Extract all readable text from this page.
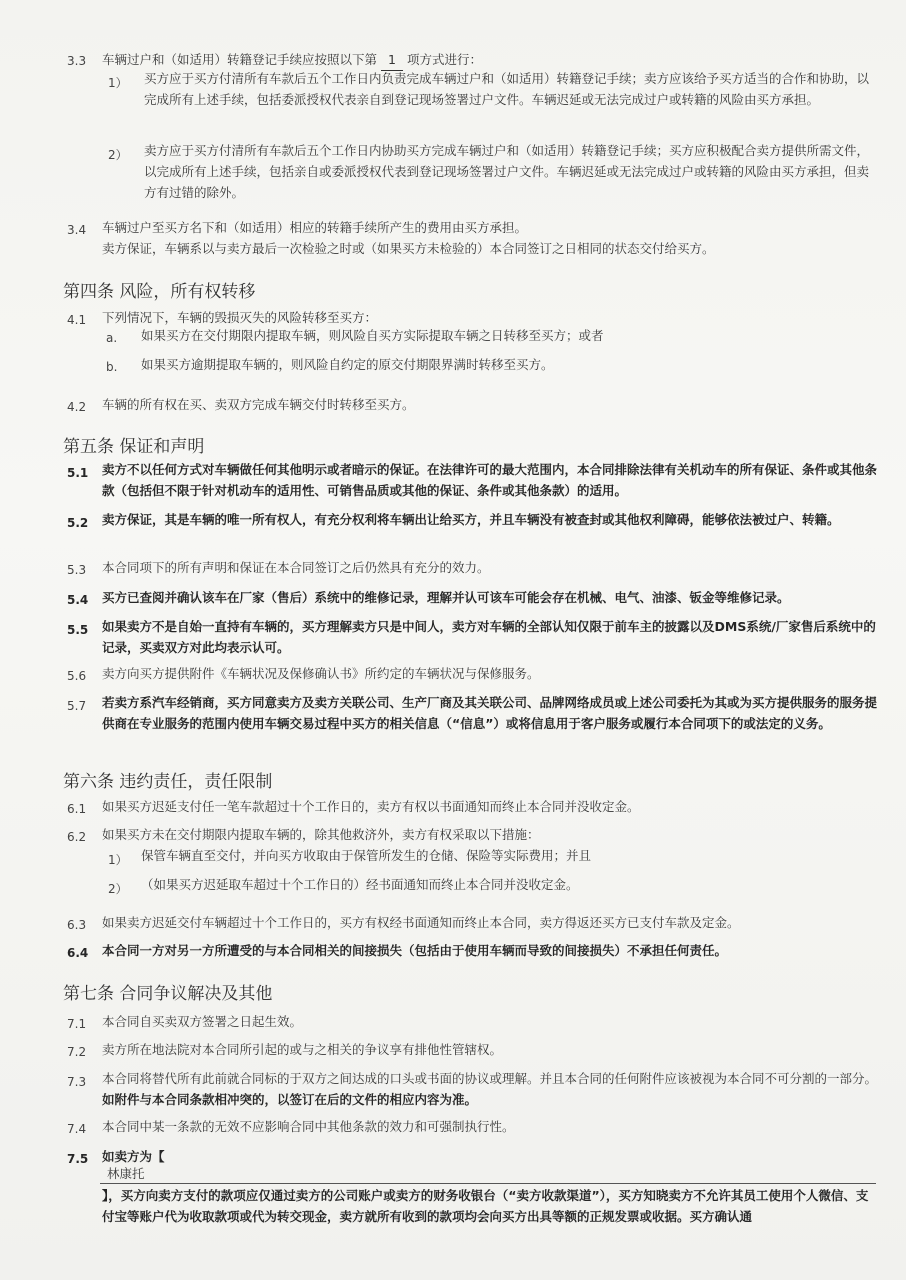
3.3 车辆过户和（如适用）转籍登记手续应按照以下第 1 项方式进行：
1） 买方应于买方付清所有车款后五个工作日内负责完成车辆过户和（如适用）转籍登记手续；卖方应该给予买方适当的合作和协助，以完成所有上述手续，包括委派授权代表亲自到登记现场签署过户文件。车辆迟延或无法完成过户或转籍的风险由买方承担。
2） 卖方应于买方付清所有车款后五个工作日内协助买方完成车辆过户和（如适用）转籍登记手续；买方应积极配合卖方提供所需文件，以完成所有上述手续，包括亲自或委派授权代表到登记现场签署过户文件。车辆迟延或无法完成过户或转籍的风险由买方承担，但卖方有过错的除外。
3.4 车辆过户至买方名下和（如适用）相应的转籍手续所产生的费用由买方承担。
卖方保证，车辆系以与卖方最后一次检验之时或（如果买方未检验的）本合同签订之日相同的状态交付给买方。
第四条 风险，所有权转移
4.1 下列情况下，车辆的毁损灭失的风险转移至买方：
a. 如果买方在交付期限内提取车辆，则风险自买方实际提取车辆之日转移至买方；或者
b. 如果买方逾期提取车辆的，则风险自约定的原交付期限界满时转移至买方。
4.2 车辆的所有权在买、卖双方完成车辆交付时转移至买方。
第五条 保证和声明
5.1 卖方不以任何方式对车辆做任何其他明示或者暗示的保证。在法律许可的最大范围内，本合同排除法律有关机动车的所有保证、条件或其他条款（包括但不限于针对机动车的适用性、可销售品质或其他的保证、条件或其他条款）的适用。
5.2 卖方保证，其是车辆的唯一所有权人，有充分权利将车辆出让给买方，并且车辆没有被查封或其他权利障碍，能够依法被过户、转籍。
5.3 本合同项下的所有声明和保证在本合同签订之后仍然具有充分的效力。
5.4 买方已查阅并确认该车在厂家（售后）系统中的维修记录，理解并认可该车可能会存在机械、电气、油漆、钣金等维修记录。
5.5 如果卖方不是自始一直持有车辆的，买方理解卖方只是中间人，卖方对车辆的全部认知仅限于前车主的披露以及DMS系统/厂家售后系统中的记录，买卖双方对此均表示认可。
5.6 卖方向买方提供附件《车辆状况及保修确认书》所约定的车辆状况与保修服务。
5.7 若卖方系汽车经销商，买方同意卖方及卖方关联公司、生产厂商及其关联公司、品牌网络成员或上述公司委托为其或为买方提供服务的服务提供商在专业服务的范围内使用车辆交易过程中买方的相关信息（“信息”）或将信息用于客户服务或履行本合同项下的或法定的义务。
第六条 违约责任，责任限制
6.1 如果买方迟延支付任一笔车款超过十个工作日的，卖方有权以书面通知而终止本合同并没收定金。
6.2 如果买方未在交付期限内提取车辆的，除其他救济外，卖方有权采取以下措施：
1） 保管车辆直至交付，并向买方收取由于保管所发生的仓储、保险等实际费用；并且
2） （如果买方迟延取车超过十个工作日的）经书面通知而终止本合同并没收定金。
6.3 如果卖方迟延交付车辆超过十个工作日的，买方有权经书面通知而终止本合同，卖方得返还买方已支付车款及定金。
6.4 本合同一方对另一方所遭受的与本合同相关的间接损失（包括由于使用车辆而导致的间接损失）不承担任何责任。
第七条 合同争议解决及其他
7.1 本合同自买卖双方签署之日起生效。
7.2 卖方所在地法院对本合同所引起的或与之相关的争议享有排他性管辖权。
7.3 本合同将替代所有此前就合同标的于双方之间达成的口头或书面的协议或理解。并且本合同的任何附件应该被视为本合同不可分割的一部分。如附件与本合同条款相冲突的，以签订在后的文件的相应内容为准。
7.4 本合同中某一条款的无效不应影响合同中其他条款的效力和可强制执行性。
7.5 如卖方为【
林康托
】，买方向卖方支付的款项应仅通过卖方的公司账户或卖方的财务收银台（“卖方收款渠道”），买方知晓卖方不允许其员工使用个人微信、支付宝等账户代为收取款项或代为转交现金，卖方就所有收到的款项均会向买方出具等额的正规发票或收据。买方确认通
